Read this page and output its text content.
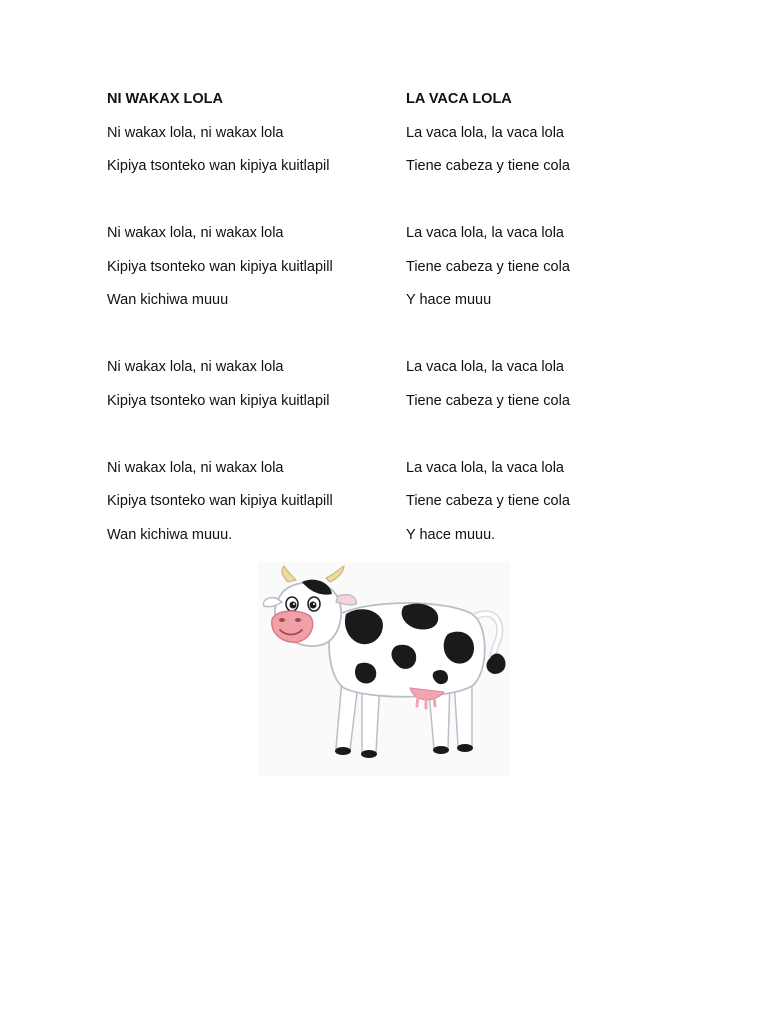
NI WAKAX LOLA
Ni wakax lola, ni wakax lola
Kipiya tsonteko wan kipiya kuitlapil
Ni wakax lola, ni wakax lola
Kipiya tsonteko wan kipiya kuitlapill
Wan kichiwa muuu
Ni wakax lola, ni wakax lola
Kipiya tsonteko wan kipiya kuitlapil
Ni wakax lola, ni wakax lola
Kipiya tsonteko wan kipiya kuitlapill
Wan kichiwa muuu.
LA VACA LOLA
La vaca lola, la vaca lola
Tiene cabeza y tiene cola
La vaca lola, la vaca lola
Tiene cabeza y tiene cola
Y hace muuu
La vaca lola, la vaca lola
Tiene cabeza y tiene cola
La vaca lola, la vaca lola
Tiene cabeza y tiene cola
Y hace muuu.
